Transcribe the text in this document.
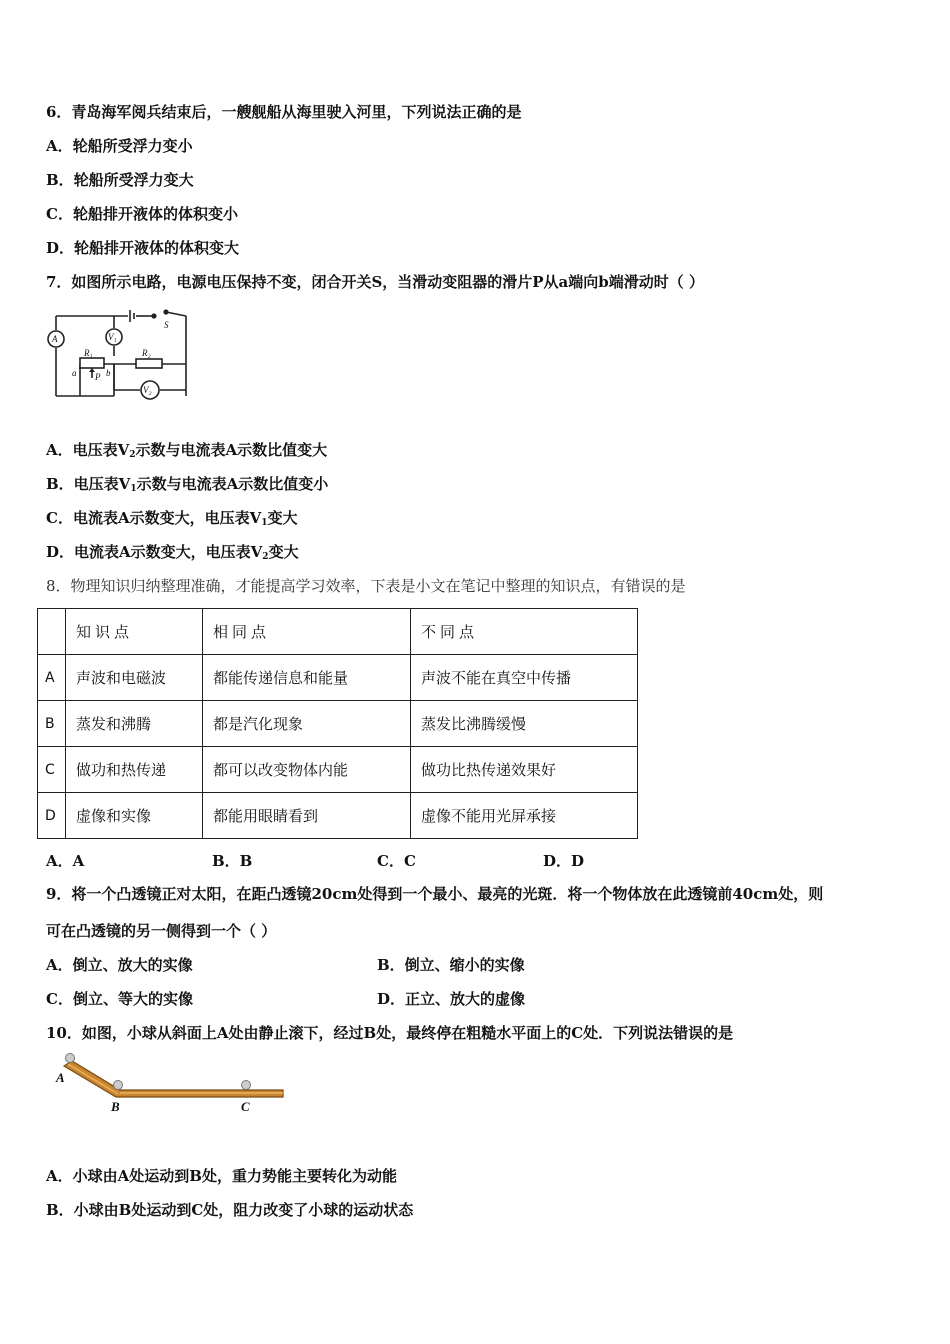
6．青岛海军阅兵结束后，一艘舰船从海里驶入河里，下列说法正确的是
A．轮船所受浮力变小
B．轮船所受浮力变大
C．轮船排开液体的体积变小
D．轮船排开液体的体积变大
7．如图所示电路，电源电压保持不变，闭合开关S，当滑动变阻器的滑片P从a端向b端滑动时（ ）
A	V₁
V₂
R₁	R₂
S
a	b
P
A．电压表$V_2$示数与电流表A示数比值变大
B．电压表$V_1$示数与电流表A示数比值变小
C．电流表A示数变大，电压表$V_1$变大
D．电流表A示数变大，电压表$V_2$变大
8．物理知识归纳整理准确，才能提高学习效率，下表是小文在笔记中整理的知识点，有错误的是
	知识点	相同点	不同点
A	声波和电磁波	都能传递信息和能量	声波不能在真空中传播
B	蒸发和沸腾	都是汽化现象	蒸发比沸腾缓慢
C	做功和热传递	都可以改变物体内能	做功比热传递效果好
D	虚像和实像	都能用眼睛看到	虚像不能用光屏承接
A．A	B．B	C．C	D．D
9．将一个凸透镜正对太阳，在距凸透镜20cm处得到一个最小、最亮的光斑．将一个物体放在此透镜前40cm处，则
可在凸透镜的另一侧得到一个（ ）
A．倒立、放大的实像	B．倒立、缩小的实像
C．倒立、等大的实像	D．正立、放大的虚像
10．如图，小球从斜面上A处由静止滚下，经过B处，最终停在粗糙水平面上的C处．下列说法错误的是
A
B	C
A．小球由A处运动到B处，重力势能主要转化为动能
B．小球由B处运动到C处，阻力改变了小球的运动状态
